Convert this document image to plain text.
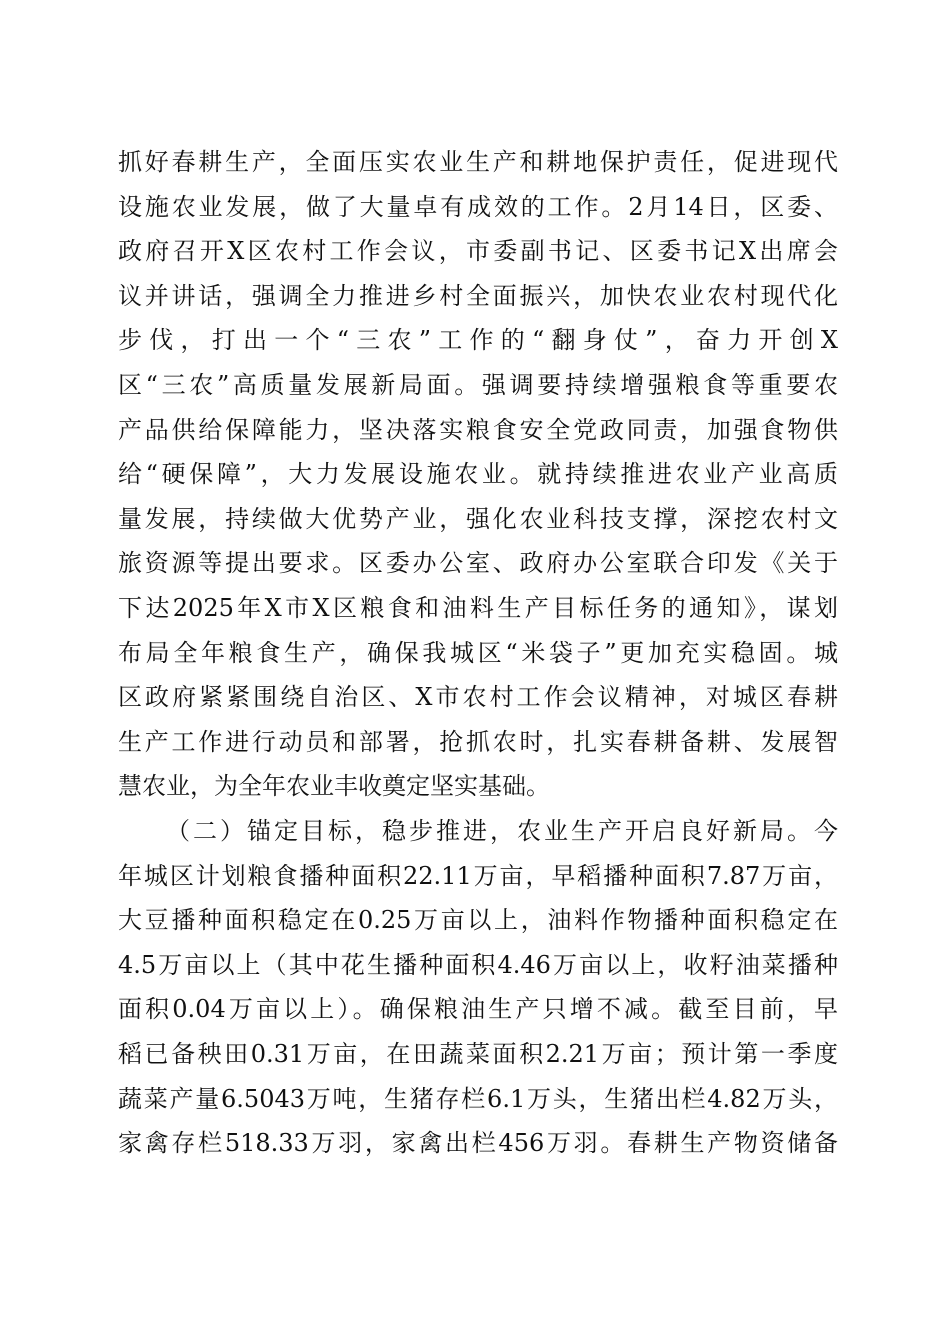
抓好春耕生产，全面压实农业生产和耕地保护责任，促进现代
设施农业发展，做了大量卓有成效的工作。2月14日，区委、
政府召开X区农村工作会议，市委副书记、区委书记X出席会
议并讲话，强调全力推进乡村全面振兴，加快农业农村现代化
步伐，打出一个“三农”工作的“翻身仗”，奋力开创X
区“三农”高质量发展新局面。强调要持续增强粮食等重要农
产品供给保障能力，坚决落实粮食安全党政同责，加强食物供
给“硬保障”，大力发展设施农业。就持续推进农业产业高质
量发展，持续做大优势产业，强化农业科技支撑，深挖农村文
旅资源等提出要求。区委办公室、政府办公室联合印发《关于
下达2025年X市X区粮食和油料生产目标任务的通知》，谋划
布局全年粮食生产，确保我城区“米袋子”更加充实稳固。城
区政府紧紧围绕自治区、X市农村工作会议精神，对城区春耕
生产工作进行动员和部署，抢抓农时，扎实春耕备耕、发展智
慧农业，为全年农业丰收奠定坚实基础。
（二）锚定目标，稳步推进，农业生产开启良好新局。今
年城区计划粮食播种面积22.11万亩，早稻播种面积7.87万亩，
大豆播种面积稳定在0.25万亩以上，油料作物播种面积稳定在
4.5万亩以上（其中花生播种面积4.46万亩以上，收籽油菜播种
面积0.04万亩以上）。确保粮油生产只增不减。截至目前，早
稻已备秧田0.31万亩，在田蔬菜面积2.21万亩；预计第一季度
蔬菜产量6.5043万吨，生猪存栏6.1万头，生猪出栏4.82万头，
家禽存栏518.33万羽，家禽出栏456万羽。春耕生产物资储备
